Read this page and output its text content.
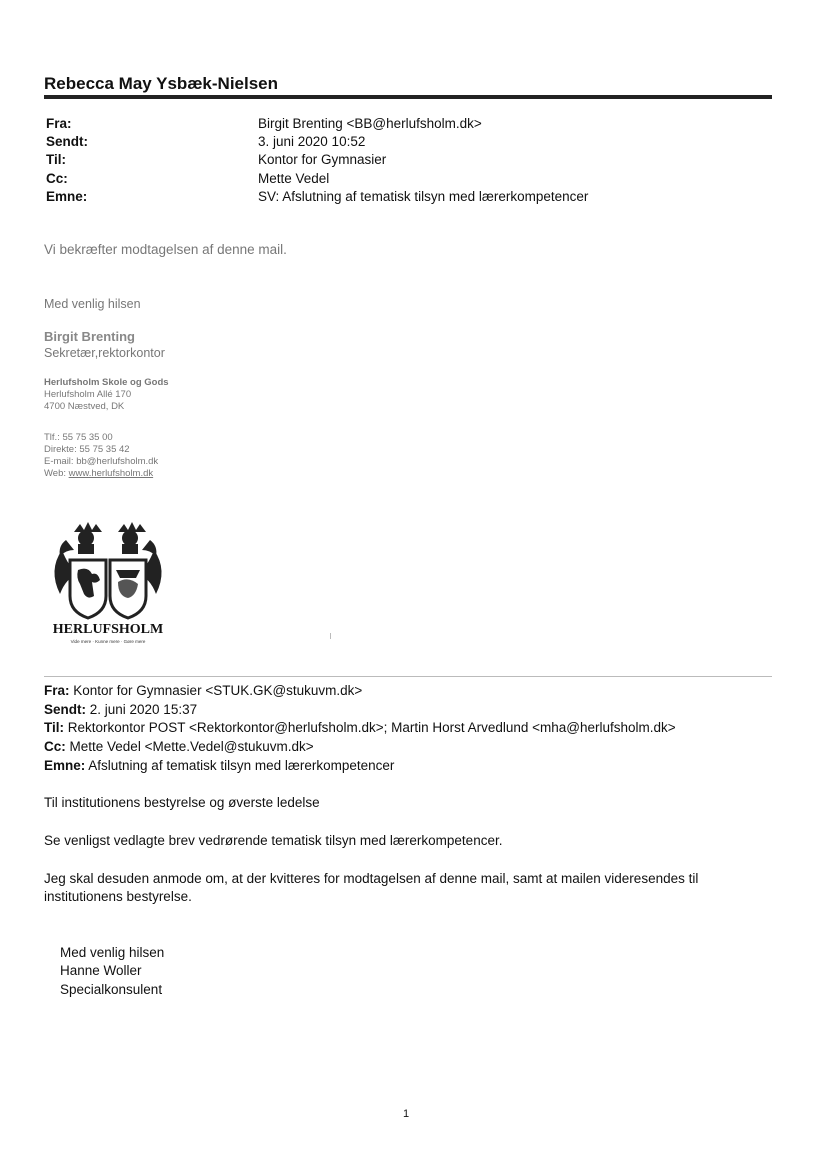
Rebecca May Ysbæk-Nielsen
Fra:	Birgit Brenting <BB@herlufsholm.dk>
Sendt:	3. juni 2020 10:52
Til:	Kontor for Gymnasier
Cc:	Mette Vedel
Emne:	SV: Afslutning af tematisk tilsyn med lærerkompetencer
Vi bekræfter modtagelsen af denne mail.
Med venlig hilsen
Birgit Brenting
Sekretær,rektorkontor
Herlufsholm Skole og Gods
Herlufsholm Allé 170
4700 Næstved, DK
Tlf.: 55 75 35 00
Direkte: 55 75 35 42
E-mail: bb@herlufsholm.dk
Web: www.herlufsholm.dk
HERLUFSHOLM
Vide mere · Kunne mere · Gøre mere
Fra: Kontor for Gymnasier <STUK.GK@stukuvm.dk>
Sendt: 2. juni 2020 15:37
Til: Rektorkontor POST <Rektorkontor@herlufsholm.dk>; Martin Horst Arvedlund <mha@herlufsholm.dk>
Cc: Mette Vedel <Mette.Vedel@stukuvm.dk>
Emne: Afslutning af tematisk tilsyn med lærerkompetencer
Til institutionens bestyrelse og øverste ledelse
Se venligst vedlagte brev vedrørende tematisk tilsyn med lærerkompetencer.
Jeg skal desuden anmode om, at der kvitteres for modtagelsen af denne mail, samt at mailen videresendes til
institutionens bestyrelse.
Med venlig hilsen
Hanne Woller
Specialkonsulent
1
